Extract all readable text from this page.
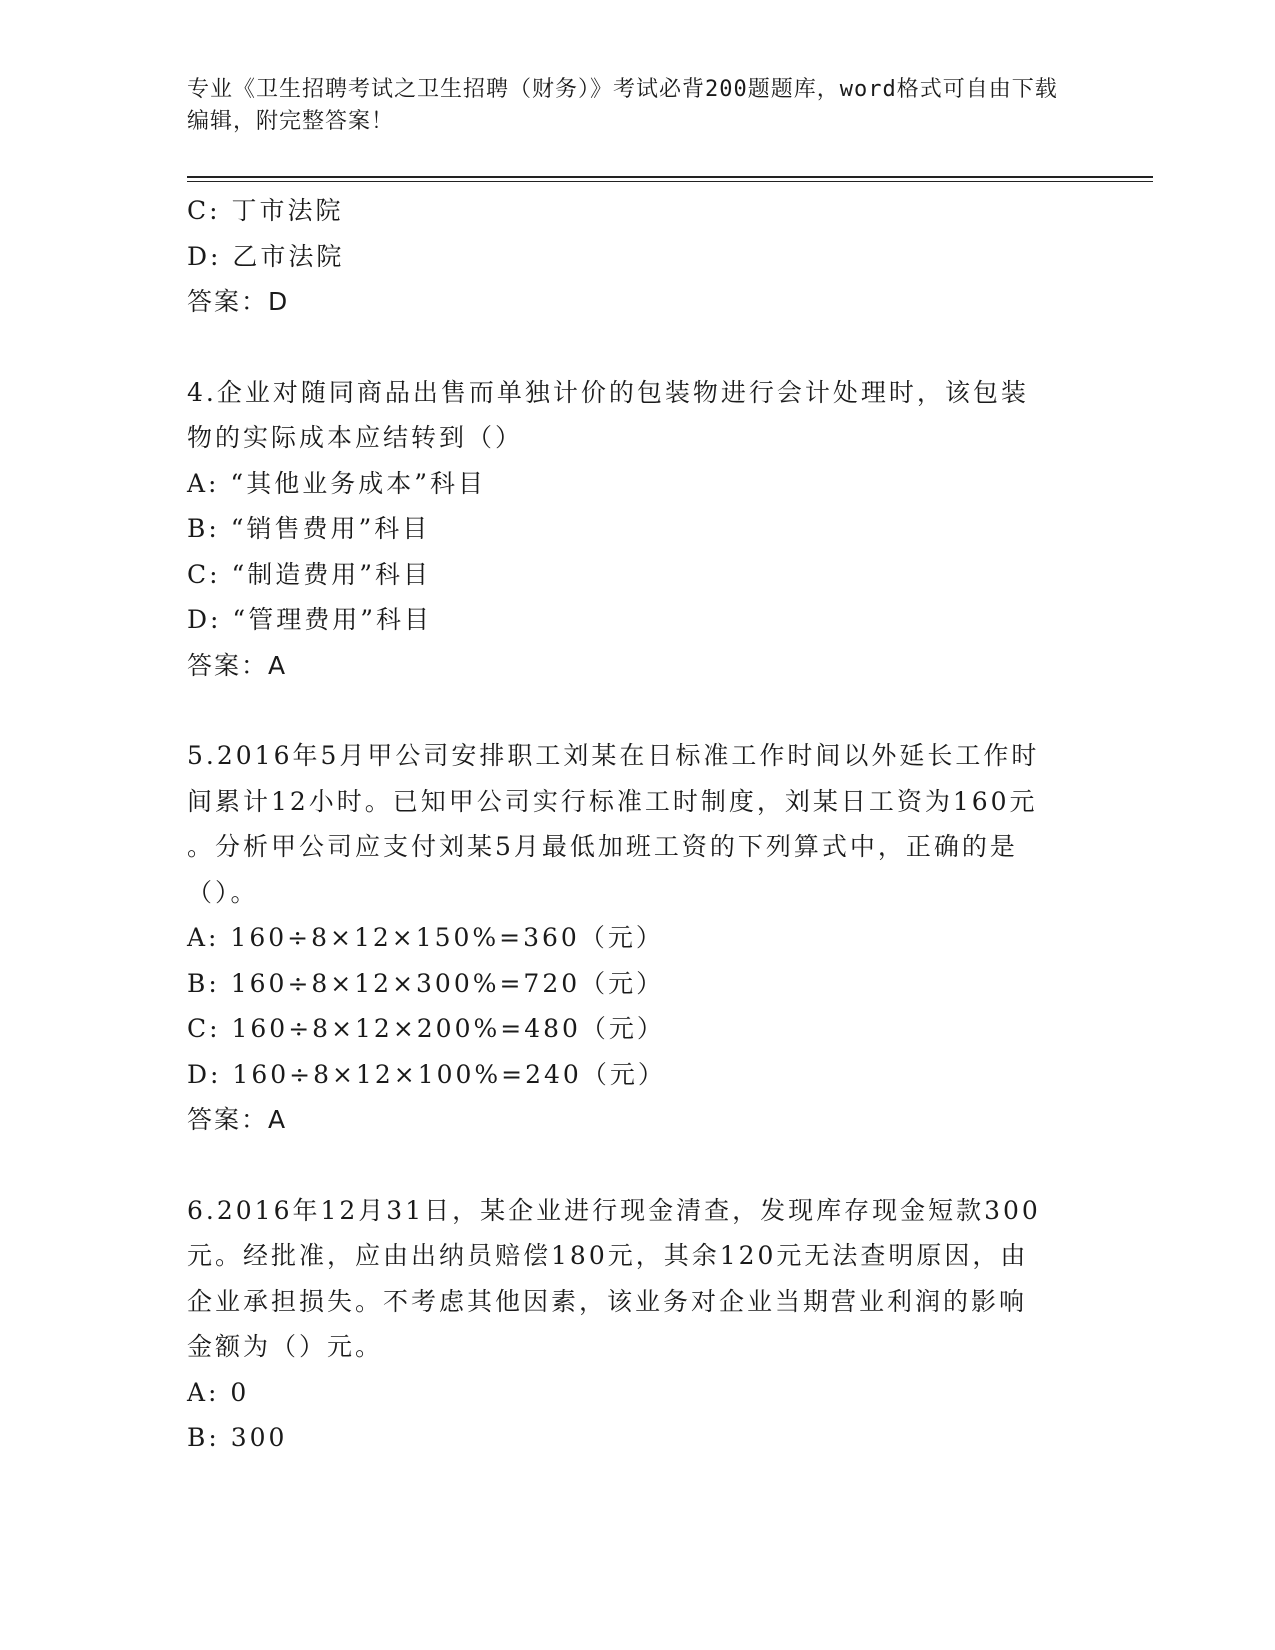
专业《卫生招聘考试之卫生招聘（财务）》考试必背200题题库，word格式可自由下载编辑，附完整答案！
C: 丁市法院
D: 乙市法院
答案：D
4.企业对随同商品出售而单独计价的包装物进行会计处理时，该包装
物的实际成本应结转到（）
A: “其他业务成本”科目
B: “销售费用”科目
C: “制造费用”科目
D: “管理费用”科目
答案：A
5.2016年5月甲公司安排职工刘某在日标准工作时间以外延长工作时
间累计12小时。已知甲公司实行标准工时制度，刘某日工资为160元
。分析甲公司应支付刘某5月最低加班工资的下列算式中，正确的是
（）。
A: 160÷8×12×150%=360（元）
B: 160÷8×12×300%=720（元）
C: 160÷8×12×200%=480（元）
D: 160÷8×12×100%=240（元）
答案：A
6.2016年12月31日，某企业进行现金清查，发现库存现金短款300
元。经批准，应由出纳员赔偿180元，其余120元无法查明原因，由
企业承担损失。不考虑其他因素，该业务对企业当期营业利润的影响
金额为（）元。
A: 0
B: 300
